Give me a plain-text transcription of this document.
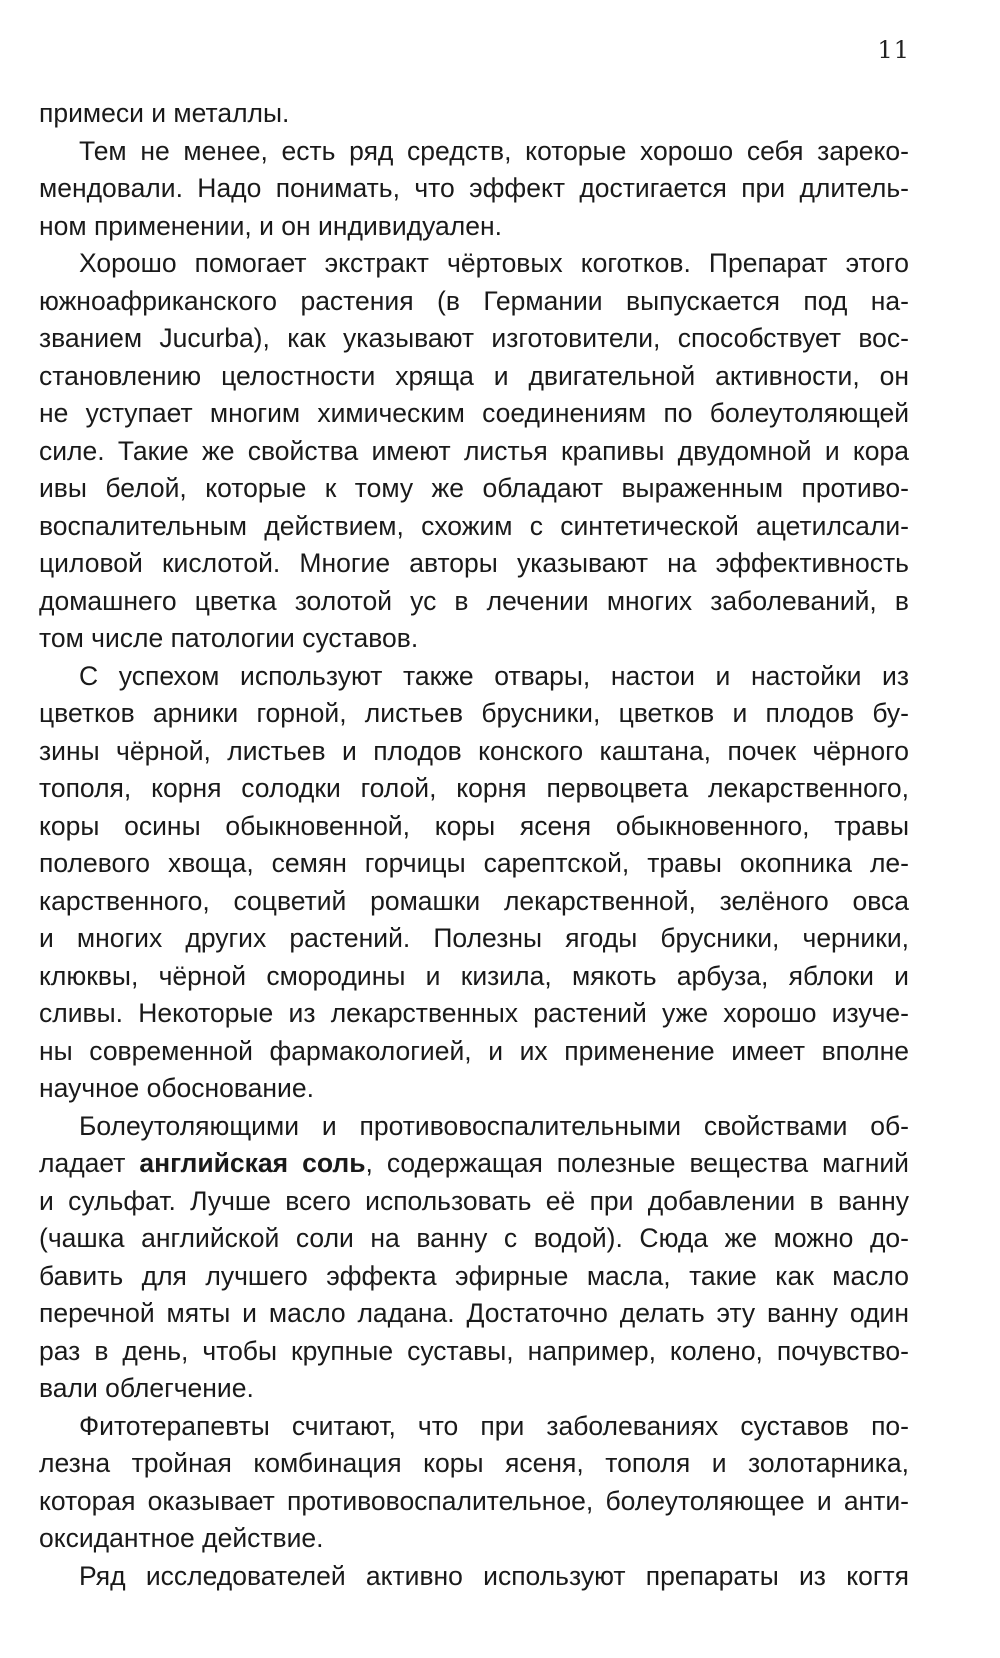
11
примеси и металлы.
Тем не менее, есть ряд средств, которые хорошо себя зареко-
мендовали. Надо понимать, что эффект достигается при длитель-
ном применении, и он индивидуален.
Хорошо помогает экстракт чёртовых коготков. Препарат этого
южноафриканского растения (в Германии выпускается под на-
званием Jucurba), как указывают изготовители, способствует вос-
становлению целостности хряща и двигательной активности, он
не уступает многим химическим соединениям по болеутоляющей
силе. Такие же свойства имеют листья крапивы двудомной и кора
ивы белой, которые к тому же обладают выраженным противо-
воспалительным действием, схожим с синтетической ацетилсали-
циловой кислотой. Многие авторы указывают на эффективность
домашнего цветка золотой ус в лечении многих заболеваний, в
том числе патологии суставов.
С успехом используют также отвары, настои и настойки из
цветков арники горной, листьев брусники, цветков и плодов бу-
зины чёрной, листьев и плодов конского каштана, почек чёрного
тополя, корня солодки голой, корня первоцвета лекарственного,
коры осины обыкновенной, коры ясеня обыкновенного, травы
полевого хвоща, семян горчицы сарептской, травы окопника ле-
карственного, соцветий ромашки лекарственной, зелёного овса
и многих других растений. Полезны ягоды брусники, черники,
клюквы, чёрной смородины и кизила, мякоть арбуза, яблоки и
сливы. Некоторые из лекарственных растений уже хорошо изуче-
ны современной фармакологией, и их применение имеет вполне
научное обоснование.
Болеутоляющими и противовоспалительными свойствами об-
ладает английская соль, содержащая полезные вещества магний
и сульфат. Лучше всего использовать её при добавлении в ванну
(чашка английской соли на ванну с водой). Сюда же можно до-
бавить для лучшего эффекта эфирные масла, такие как масло
перечной мяты и масло ладана. Достаточно делать эту ванну один
раз в день, чтобы крупные суставы, например, колено, почувство-
вали облегчение.
Фитотерапевты считают, что при заболеваниях суставов по-
лезна тройная комбинация коры ясеня, тополя и золотарника,
которая оказывает противовоспалительное, болеутоляющее и анти-
оксидантное действие.
Ряд исследователей активно используют препараты из когтя
